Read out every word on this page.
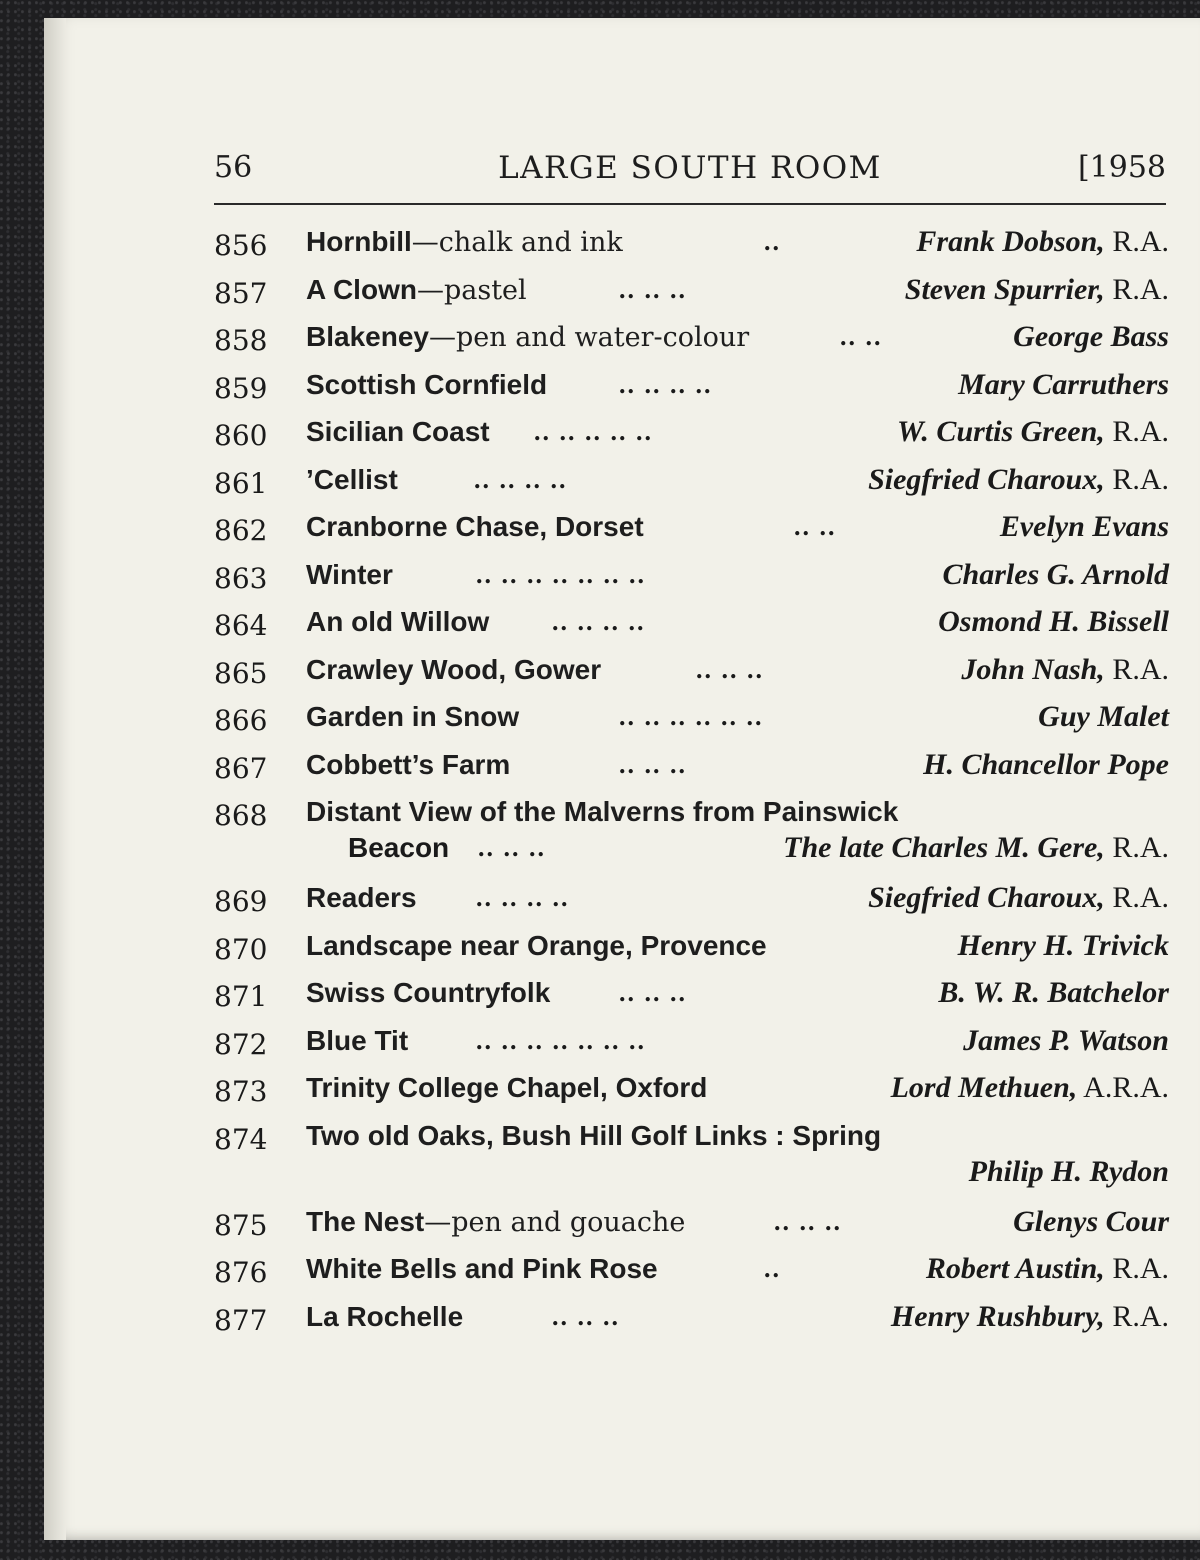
56	LARGE SOUTH ROOM	[1958
856	Hornbill—chalk and ink	..	Frank Dobson, R.A.
857	A Clown—pastel	.. .. ..	Steven Spurrier, R.A.
858	Blakeney—pen and water-colour	.. ..	George Bass
859	Scottish Cornfield	.. .. .. ..	Mary Carruthers
860	Sicilian Coast .. .. .. .. ..	W. Curtis Green, R.A.
861	’Cellist	.. .. .. ..	Siegfried Charoux, R.A.
862	Cranborne Chase, Dorset	.. ..	Evelyn Evans
863	Winter	.. .. .. .. .. .. ..	Charles G. Arnold
864	An old Willow .. .. .. ..	Osmond H. Bissell
865	Crawley Wood, Gower	.. .. ..	John Nash, R.A.
866	Garden in Snow	.. .. .. .. .. ..	Guy Malet
867	Cobbett’s Farm	.. .. ..	H. Chancellor Pope
868	Distant View of the Malverns from Painswick
Beacon .. .. ..	The late Charles M. Gere, R.A.
869	Readers .. .. .. ..	Siegfried Charoux, R.A.
870	Landscape near Orange, Provence	Henry H. Trivick
871	Swiss Countryfolk	.. .. ..	B. W. R. Batchelor
872	Blue Tit	.. .. .. .. .. .. ..	James P. Watson
873	Trinity College Chapel, Oxford	Lord Methuen, A.R.A.
874	Two old Oaks, Bush Hill Golf Links : Spring
Philip H. Rydon
875	The Nest—pen and gouache	.. .. ..	Glenys Cour
876	White Bells and Pink Rose	..	Robert Austin, R.A.
877	La Rochelle	.. .. ..	Henry Rushbury, R.A.
